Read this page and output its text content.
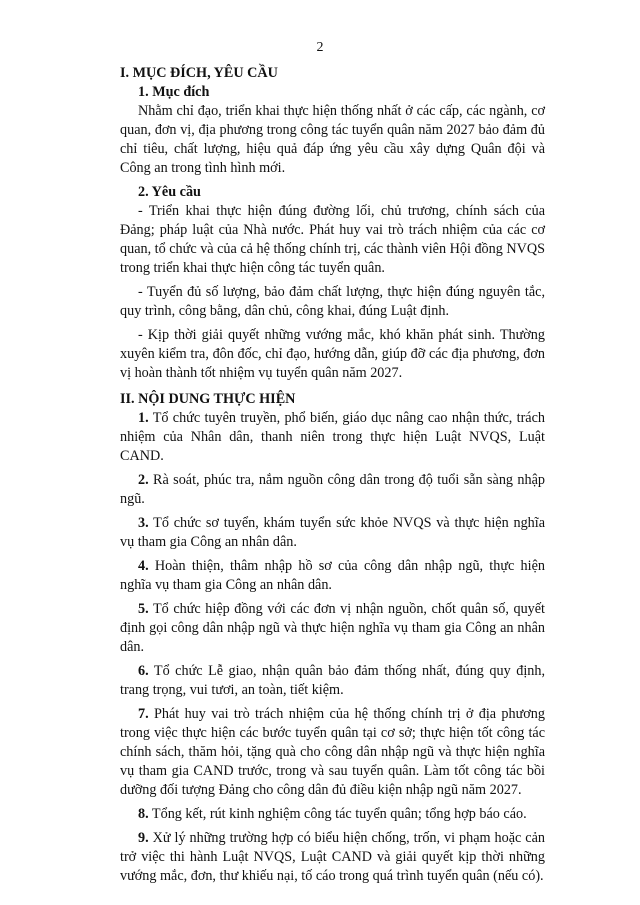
2

I. MỤC ĐÍCH, YÊU CẦU

1. Mục đích

Nhằm chỉ đạo, triển khai thực hiện thống nhất ở các cấp, các ngành, cơ quan, đơn vị, địa phương trong công tác tuyển quân năm 2027 bảo đảm đủ chỉ tiêu, chất lượng, hiệu quả đáp ứng yêu cầu xây dựng Quân đội và Công an trong tình hình mới.

2. Yêu cầu

- Triển khai thực hiện đúng đường lối, chủ trương, chính sách của Đảng; pháp luật của Nhà nước. Phát huy vai trò trách nhiệm của các cơ quan, tổ chức và của cả hệ thống chính trị, các thành viên Hội đồng NVQS trong triển khai thực hiện công tác tuyển quân.

- Tuyển đủ số lượng, bảo đảm chất lượng, thực hiện đúng nguyên tắc, quy trình, công bằng, dân chủ, công khai, đúng Luật định.

- Kịp thời giải quyết những vướng mắc, khó khăn phát sinh. Thường xuyên kiểm tra, đôn đốc, chỉ đạo, hướng dẫn, giúp đỡ các địa phương, đơn vị hoàn thành tốt nhiệm vụ tuyển quân năm 2027.

II. NỘI DUNG THỰC HIỆN

1. Tổ chức tuyên truyền, phổ biến, giáo dục nâng cao nhận thức, trách nhiệm của Nhân dân, thanh niên trong thực hiện Luật NVQS, Luật CAND.

2. Rà soát, phúc tra, nắm nguồn công dân trong độ tuổi sẵn sàng nhập ngũ.

3. Tổ chức sơ tuyển, khám tuyển sức khỏe NVQS và thực hiện nghĩa vụ tham gia Công an nhân dân.

4. Hoàn thiện, thâm nhập hồ sơ của công dân nhập ngũ, thực hiện nghĩa vụ tham gia Công an nhân dân.

5. Tổ chức hiệp đồng với các đơn vị nhận nguồn, chốt quân số, quyết định gọi công dân nhập ngũ và thực hiện nghĩa vụ tham gia Công an nhân dân.

6. Tổ chức Lễ giao, nhận quân bảo đảm thống nhất, đúng quy định, trang trọng, vui tươi, an toàn, tiết kiệm.

7. Phát huy vai trò trách nhiệm của hệ thống chính trị ở địa phương trong việc thực hiện các bước tuyển quân tại cơ sở; thực hiện tốt công tác chính sách, thăm hỏi, tặng quà cho công dân nhập ngũ và thực hiện nghĩa vụ tham gia CAND trước, trong và sau tuyển quân. Làm tốt công tác bồi dưỡng đối tượng Đảng cho công dân đủ điều kiện nhập ngũ năm 2027.

8. Tổng kết, rút kinh nghiệm công tác tuyển quân; tổng hợp báo cáo.

9. Xử lý những trường hợp có biểu hiện chống, trốn, vi phạm hoặc cản trở việc thi hành Luật NVQS, Luật CAND và giải quyết kịp thời những vướng mắc, đơn, thư khiếu nại, tố cáo trong quá trình tuyển quân (nếu có).
